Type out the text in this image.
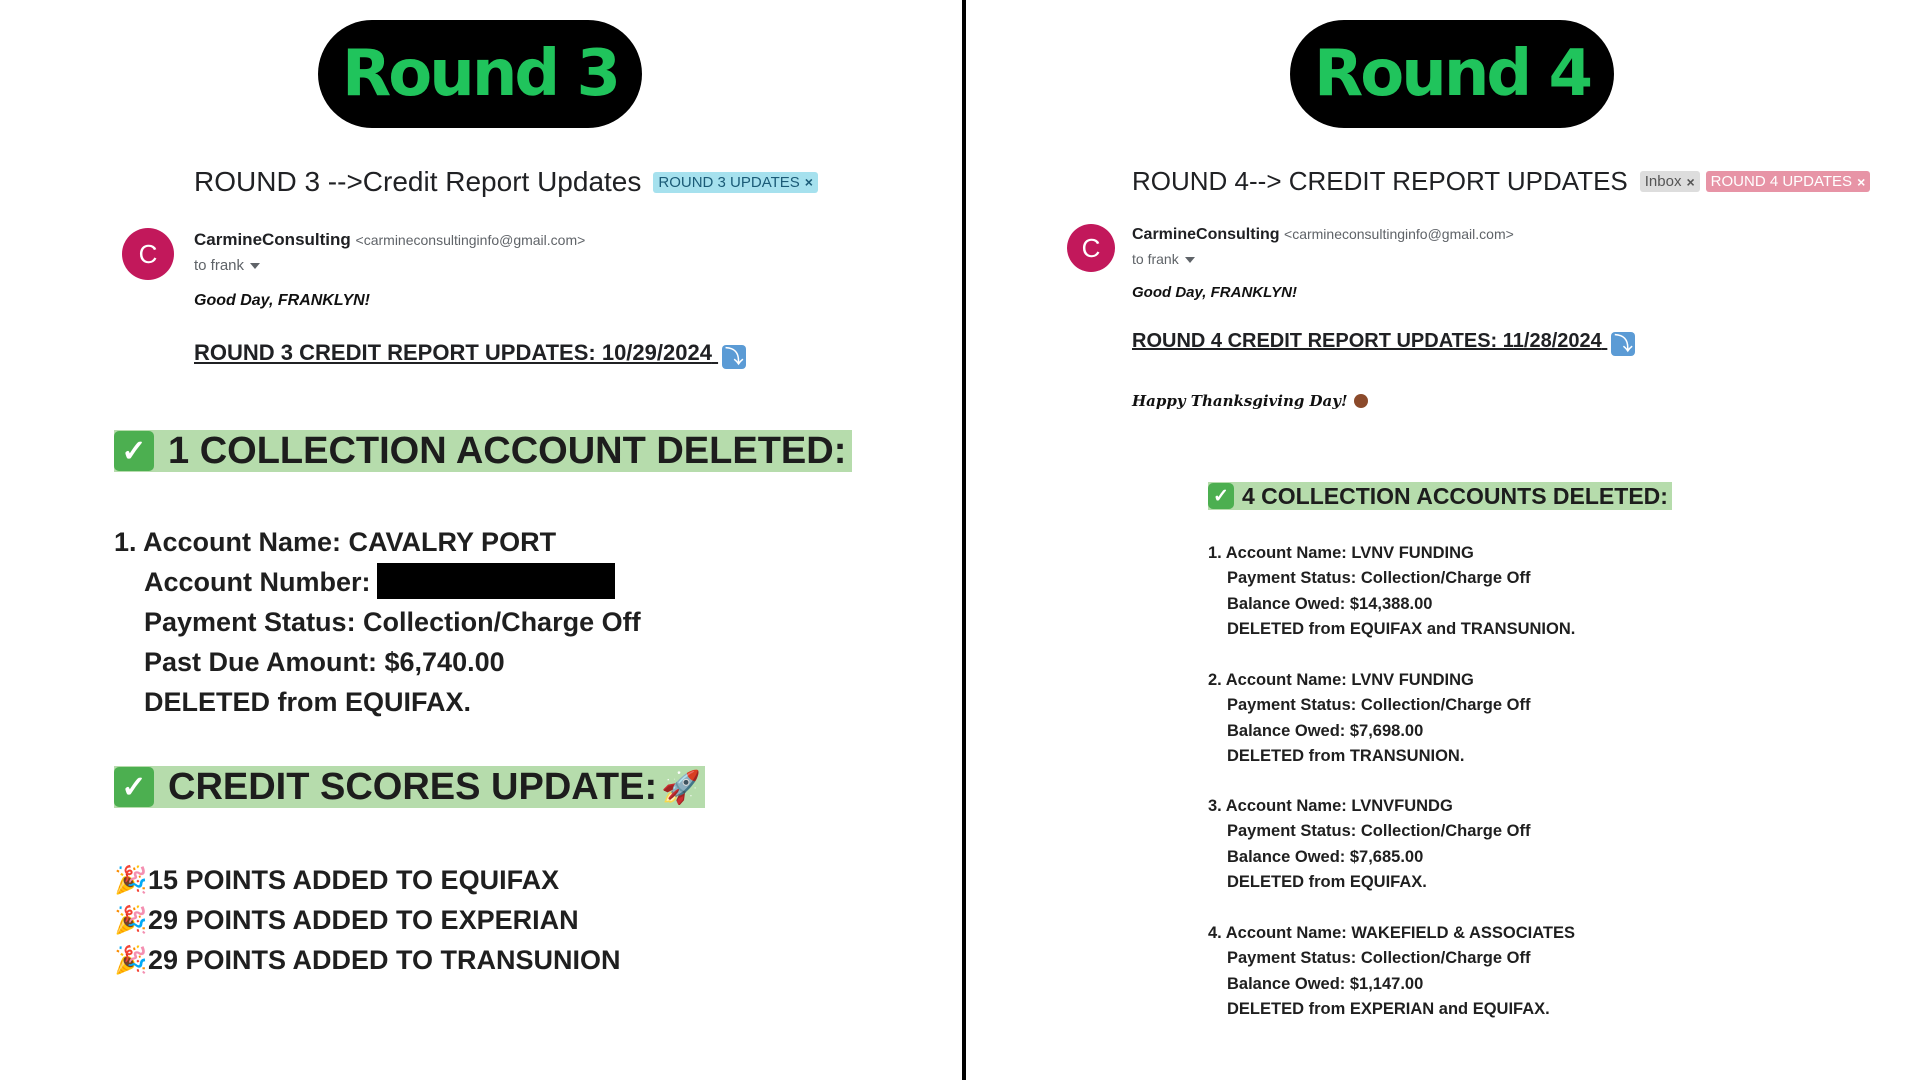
Round 3
ROUND 3 -->Credit Report Updates ROUND 3 UPDATES ×
C CarmineConsulting <carmineconsultinginfo@gmail.com>
to frank
Good Day, FRANKLYN!
ROUND 3 CREDIT REPORT UPDATES: 10/29/2024 ⤵
✓ 1 COLLECTION ACCOUNT DELETED:
1. Account Name: CAVALRY PORT
Account Number:
Payment Status: Collection/Charge Off
Past Due Amount: $6,740.00
DELETED from EQUIFAX.
✓ CREDIT SCORES UPDATE: 🚀
🎉15 POINTS ADDED TO EQUIFAX
🎉29 POINTS ADDED TO EXPERIAN
🎉29 POINTS ADDED TO TRANSUNION
Round 4
ROUND 4--> CREDIT REPORT UPDATES Inbox × ROUND 4 UPDATES ×
C CarmineConsulting <carmineconsultinginfo@gmail.com>
to frank
Good Day, FRANKLYN!
ROUND 4 CREDIT REPORT UPDATES: 11/28/2024 ⤵
Happy Thanksgiving Day!
✓ 4 COLLECTION ACCOUNTS DELETED:
1. Account Name: LVNV FUNDING
Payment Status: Collection/Charge Off
Balance Owed: $14,388.00
DELETED from EQUIFAX and TRANSUNION.
2. Account Name: LVNV FUNDING
Payment Status: Collection/Charge Off
Balance Owed: $7,698.00
DELETED from TRANSUNION.
3. Account Name: LVNVFUNDG
Payment Status: Collection/Charge Off
Balance Owed: $7,685.00
DELETED from EQUIFAX.
4. Account Name: WAKEFIELD & ASSOCIATES
Payment Status: Collection/Charge Off
Balance Owed: $1,147.00
DELETED from EXPERIAN and EQUIFAX.
